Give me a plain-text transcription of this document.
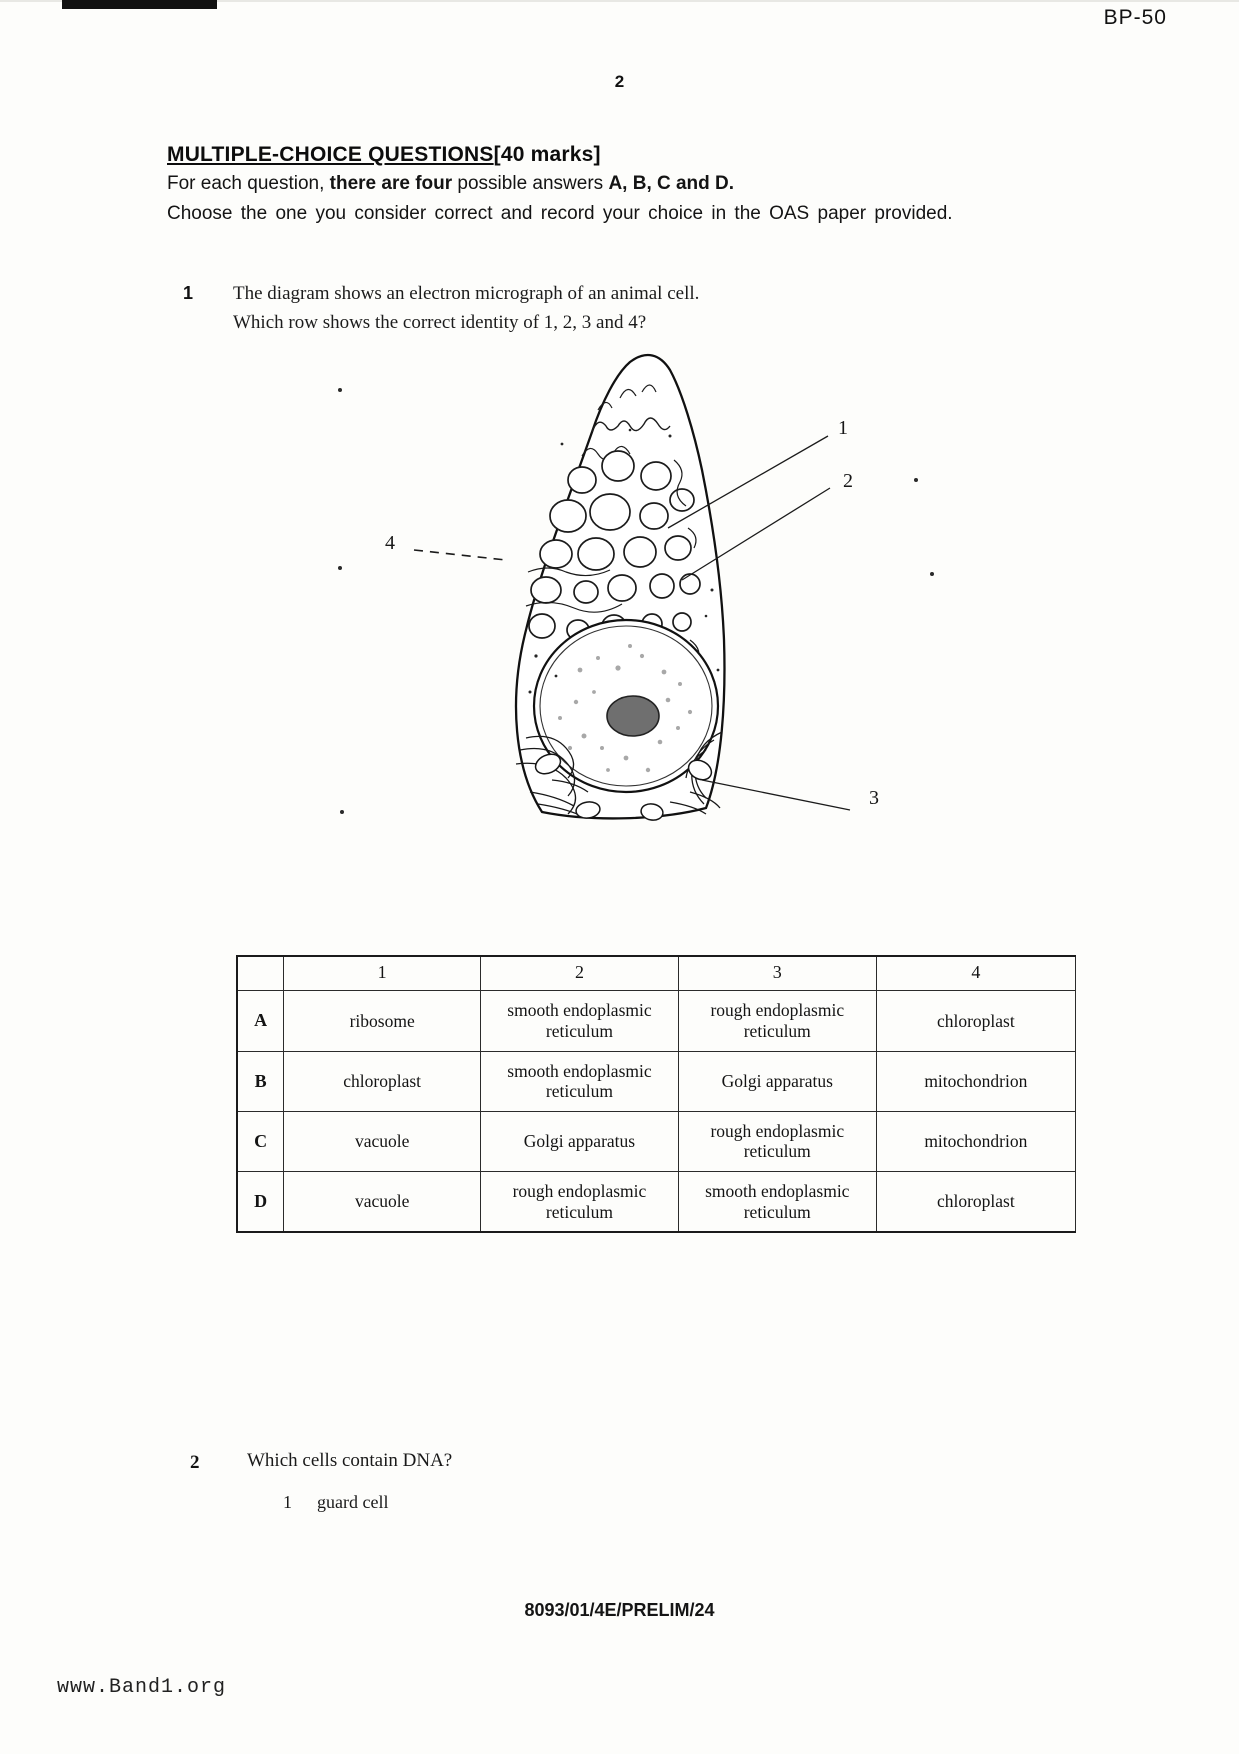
BP-50
2
MULTIPLE-CHOICE QUESTIONS[40 marks]
For each question, there are four possible answers A, B, C and D.
Choose the one you consider correct and record your choice in the OAS paper provided.
1 The diagram shows an electron micrograph of an animal cell.
Which row shows the correct identity of 1, 2, 3 and 4?
1
2
3
4
	1	2	3	4
A	ribosome	smooth endoplasmic reticulum	rough endoplasmic reticulum	chloroplast
B	chloroplast	smooth endoplasmic reticulum	Golgi apparatus	mitochondrion
C	vacuole	Golgi apparatus	rough endoplasmic reticulum	mitochondrion
D	vacuole	rough endoplasmic reticulum	smooth endoplasmic reticulum	chloroplast
2	Which cells contain DNA?
1 guard cell
8093/01/4E/PRELIM/24
www.Band1.org
